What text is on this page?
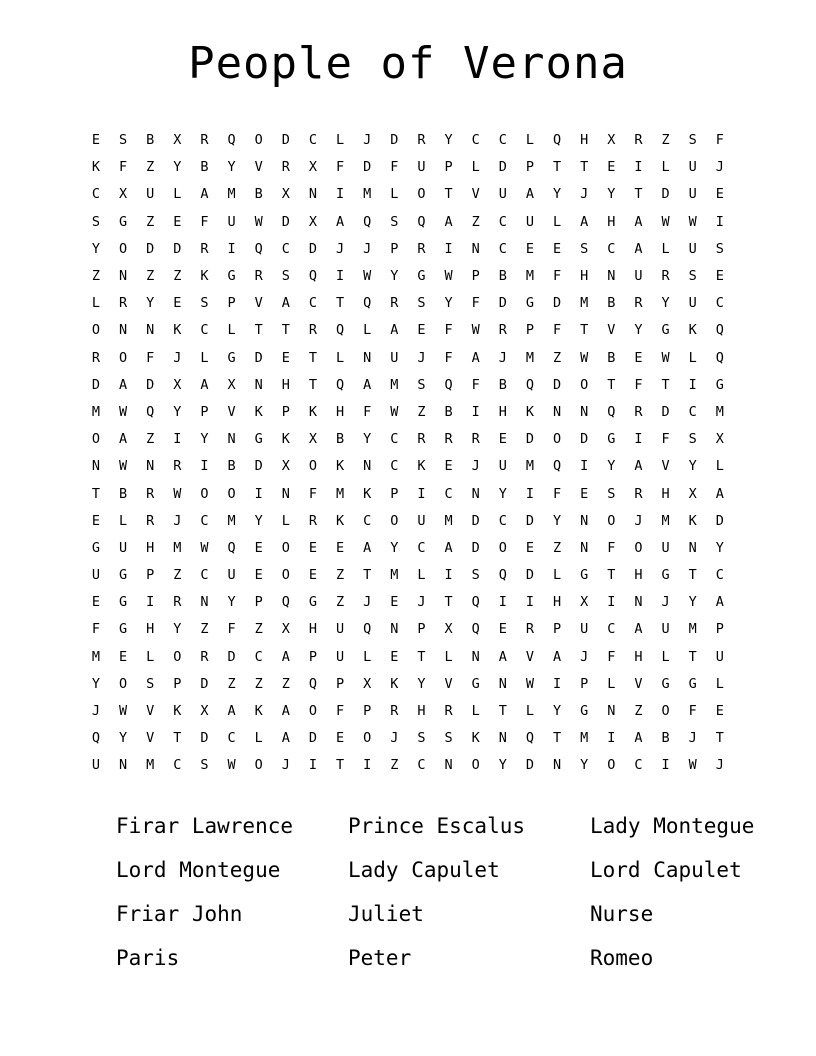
People of Verona
E	S	B	X	R	Q	O	D	C	L	J	D	R	Y	C	C	L	Q	H	X	R	Z	S	F
K	F	Z	Y	B	Y	V	R	X	F	D	F	U	P	L	D	P	T	T	E	I	L	U	J
C	X	U	L	A	M	B	X	N	I	M	L	O	T	V	U	A	Y	J	Y	T	D	U	E
S	G	Z	E	F	U	W	D	X	A	Q	S	Q	A	Z	C	U	L	A	H	A	W	W	I
Y	O	D	D	R	I	Q	C	D	J	J	P	R	I	N	C	E	E	S	C	A	L	U	S
Z	N	Z	Z	K	G	R	S	Q	I	W	Y	G	W	P	B	M	F	H	N	U	R	S	E
L	R	Y	E	S	P	V	A	C	T	Q	R	S	Y	F	D	G	D	M	B	R	Y	U	C
O	N	N	K	C	L	T	T	R	Q	L	A	E	F	W	R	P	F	T	V	Y	G	K	Q
R	O	F	J	L	G	D	E	T	L	N	U	J	F	A	J	M	Z	W	B	E	W	L	Q
D	A	D	X	A	X	N	H	T	Q	A	M	S	Q	F	B	Q	D	O	T	F	T	I	G
M	W	Q	Y	P	V	K	P	K	H	F	W	Z	B	I	H	K	N	N	Q	R	D	C	M
O	A	Z	I	Y	N	G	K	X	B	Y	C	R	R	R	E	D	O	D	G	I	F	S	X
N	W	N	R	I	B	D	X	O	K	N	C	K	E	J	U	M	Q	I	Y	A	V	Y	L
T	B	R	W	O	O	I	N	F	M	K	P	I	C	N	Y	I	F	E	S	R	H	X	A
E	L	R	J	C	M	Y	L	R	K	C	O	U	M	D	C	D	Y	N	O	J	M	K	D
G	U	H	M	W	Q	E	O	E	E	A	Y	C	A	D	O	E	Z	N	F	O	U	N	Y
U	G	P	Z	C	U	E	O	E	Z	T	M	L	I	S	Q	D	L	G	T	H	G	T	C
E	G	I	R	N	Y	P	Q	G	Z	J	E	J	T	Q	I	I	H	X	I	N	J	Y	A
F	G	H	Y	Z	F	Z	X	H	U	Q	N	P	X	Q	E	R	P	U	C	A	U	M	P
M	E	L	O	R	D	C	A	P	U	L	E	T	L	N	A	V	A	J	F	H	L	T	U
Y	O	S	P	D	Z	Z	Z	Q	P	X	K	Y	V	G	N	W	I	P	L	V	G	G	L
J	W	V	K	X	A	K	A	O	F	P	R	H	R	L	T	L	Y	G	N	Z	O	F	E
Q	Y	V	T	D	C	L	A	D	E	O	J	S	S	K	N	Q	T	M	I	A	B	J	T
U	N	M	C	S	W	O	J	I	T	I	Z	C	N	O	Y	D	N	Y	O	C	I	W	J
Firar Lawrence	Prince Escalus	Lady Montegue
Lord Montegue	Lady Capulet	Lord Capulet
Friar John	Juliet	Nurse
Paris	Peter	Romeo
